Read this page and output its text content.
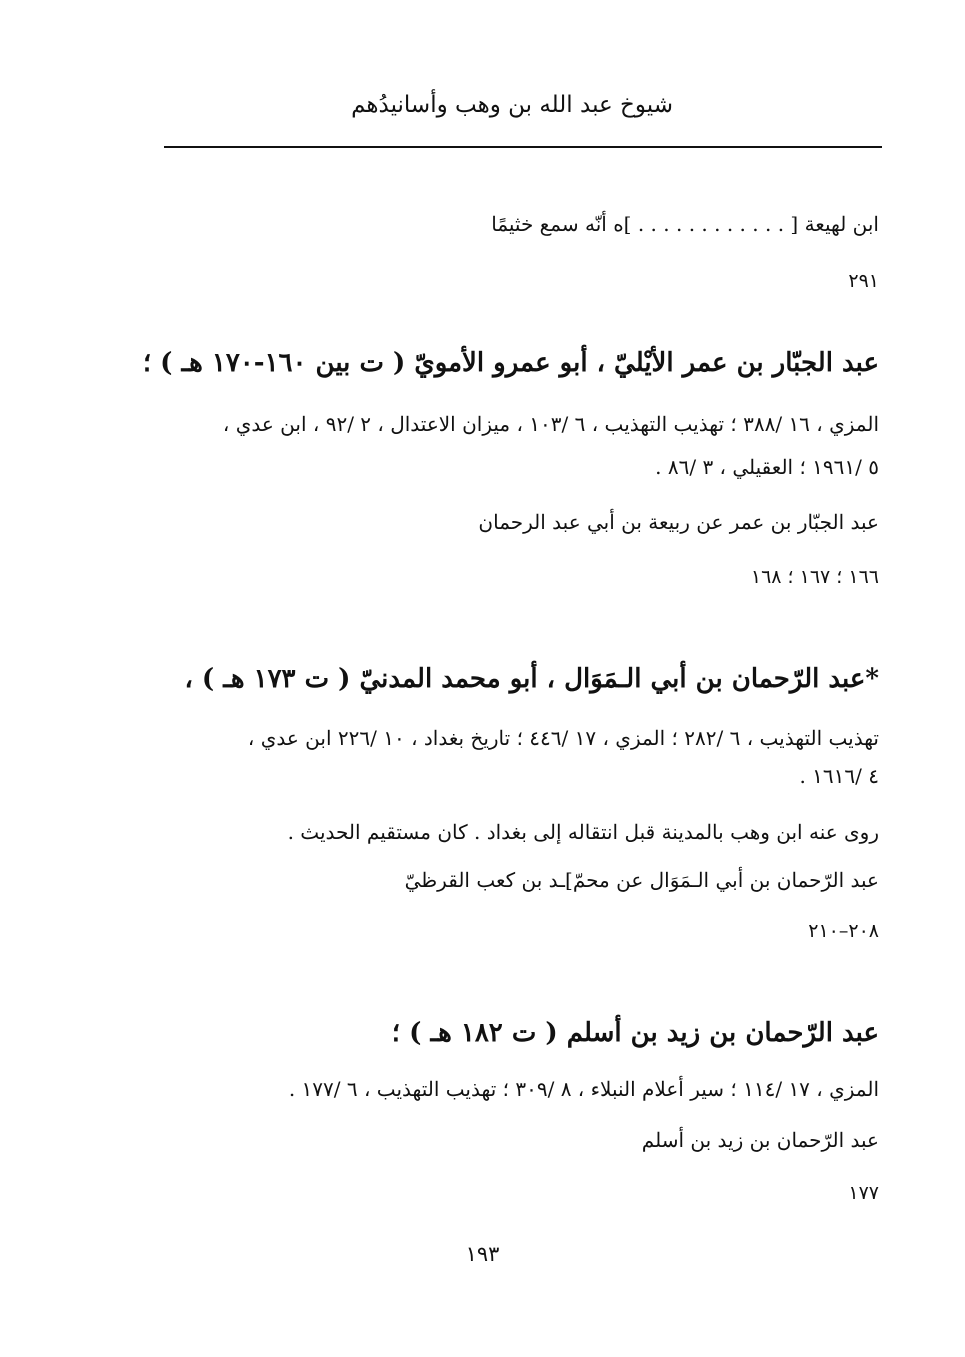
شيوخ عبد الله بن وهب وأسانيدُهم
ابن لهيعة [ . . . . . . . . . . . . ]ه أنّه سمع خثيمًا
٢٩١
عبد الجبّار بن عمر الأيْليّ ، أبو عمرو الأمويّ ( ت بين ١٦٠-١٧٠ هـ ) ؛
المزي ، ١٦ /٣٨٨ ؛ تهذيب التهذيب ، ٦ /١٠٣ ، ميزان الاعتدال ، ٢ /٩٢ ، ابن عدي ،
٥ /١٩٦١ ؛ العقيلي ، ٣ /٨٦ .
عبد الجبّار بن عمر عن ربيعة بن أبي عبد الرحمان
١٦٦ ؛ ١٦٧ ؛ ١٦٨
*عبد الرّحمان بن أبي الـمَوَال ، أبو محمد المدنيّ ( ت ١٧٣ هـ ) ،
تهذيب التهذيب ، ٦ /٢٨٢ ؛ المزي ، ١٧ /٤٤٦ ؛ تاريخ بغداد ، ١٠ /٢٢٦ ابن عدي ،
٤ /١٦١٦ .
روى عنه ابن وهب بالمدينة قبل انتقاله إلى بغداد . كان مستقيم الحديث .
عبد الرّحمان بن أبي الـمَوَال عن محمّ]ـد بن كعب القرظيّ
٢٠٨–٢١٠
عبد الرّحمان بن زيد بن أسلم ( ت ١٨٢ هـ ) ؛
المزي ، ١٧ /١١٤ ؛ سير أعلام النبلاء ، ٨ /٣٠٩ ؛ تهذيب التهذيب ، ٦ /١٧٧ .
عبد الرّحمان بن زيد بن أسلم
١٧٧
١٩٣
